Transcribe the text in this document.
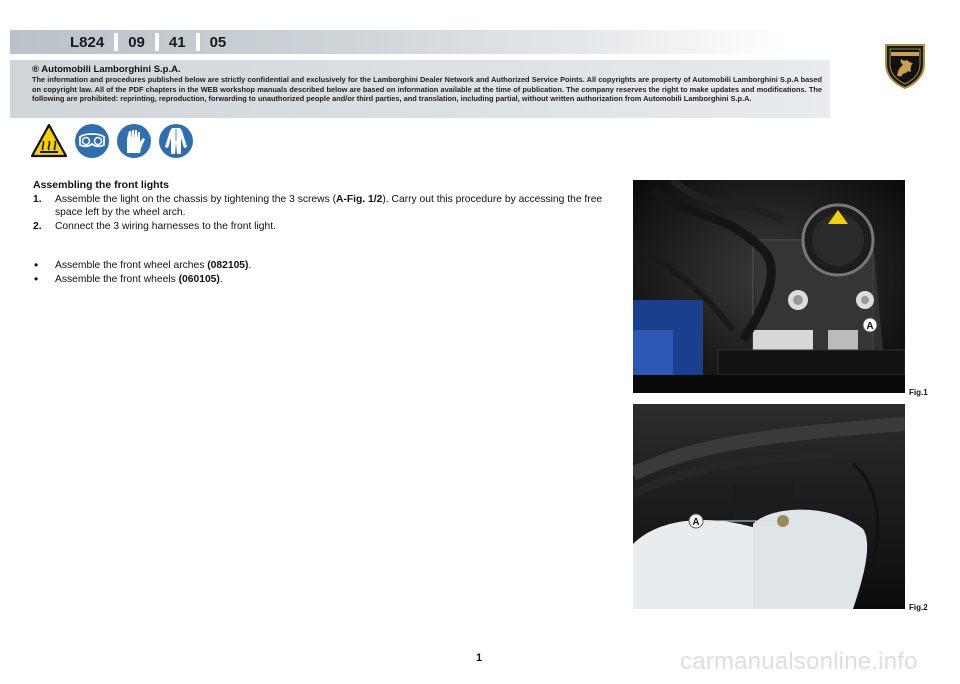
L824	09	41	05
® Automobili Lamborghini S.p.A.
The information and procedures published below are strictly confidential and exclusively for the Lamborghini Dealer Network and Authorized Service Points. All copyrights are property of Automobili Lamborghini S.p.A based on copyright law. All of the PDF chapters in the WEB workshop manuals described below are based on information available at the time of publication. The company reserves the right to make updates and modifications. The following are prohibited: reprinting, reproduction, forwarding to unauthorized people and/or third parties, and translation, including partial, without written authorization from Automobili Lamborghini S.p.A.
Assembling the front lights
1.	Assemble the light on the chassis by tightening the 3 screws (A-Fig. 1/2). Carry out this procedure by accessing the free space left by the wheel arch.
2.	Connect the 3 wiring harnesses to the front light.
•	Assemble the front wheel arches (082105).
•	Assemble the front wheels (060105).
A
Fig.1
A
Fig.2
1	carmanualsonline.info
